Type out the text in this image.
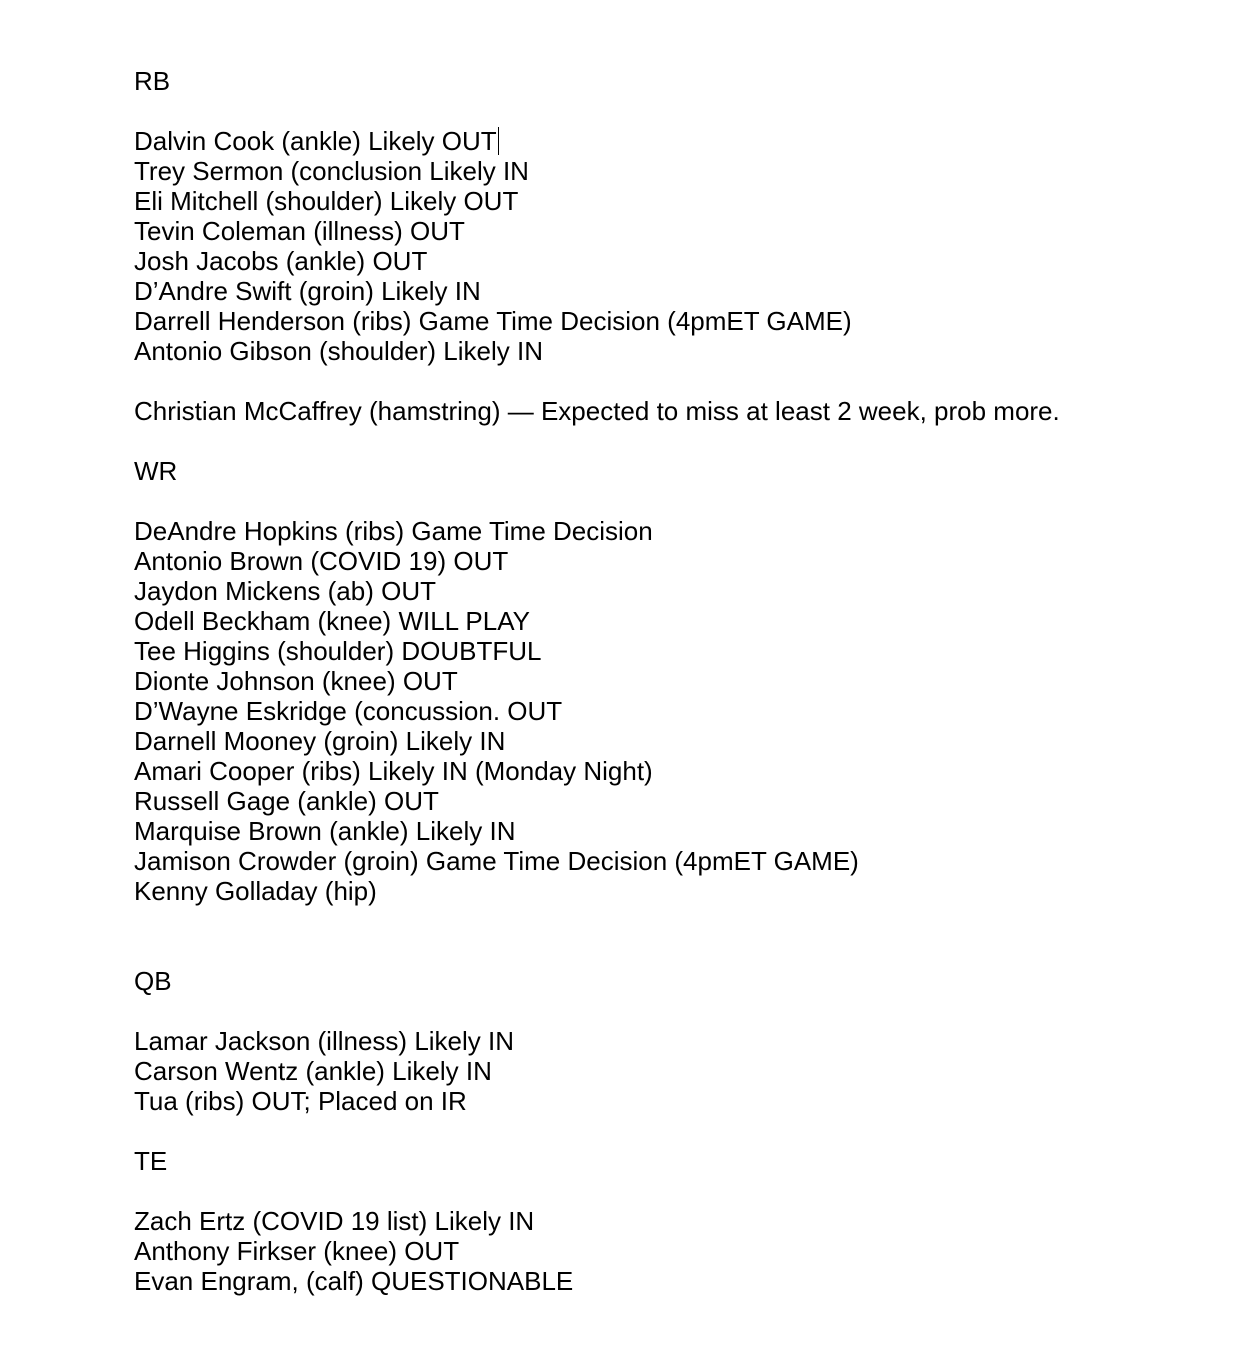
RB
Dalvin Cook (ankle) Likely OUT
Trey Sermon (conclusion Likely IN
Eli Mitchell (shoulder) Likely OUT
Tevin Coleman (illness) OUT
Josh Jacobs (ankle) OUT
D’Andre Swift (groin) Likely IN
Darrell Henderson (ribs) Game Time Decision (4pmET GAME)
Antonio Gibson (shoulder) Likely IN
Christian McCaffrey (hamstring) — Expected to miss at least 2 week, prob more.
WR
DeAndre Hopkins (ribs) Game Time Decision
Antonio Brown (COVID 19) OUT
Jaydon Mickens (ab) OUT
Odell Beckham (knee) WILL PLAY
Tee Higgins (shoulder) DOUBTFUL
Dionte Johnson (knee) OUT
D’Wayne Eskridge (concussion. OUT
Darnell Mooney (groin) Likely IN
Amari Cooper (ribs) Likely IN (Monday Night)
Russell Gage (ankle) OUT
Marquise Brown (ankle) Likely IN
Jamison Crowder (groin) Game Time Decision (4pmET GAME)
Kenny Golladay (hip)
QB
Lamar Jackson (illness) Likely IN
Carson Wentz (ankle) Likely IN
Tua (ribs) OUT; Placed on IR
TE
Zach Ertz (COVID 19 list) Likely IN
Anthony Firkser (knee) OUT
Evan Engram, (calf) QUESTIONABLE
